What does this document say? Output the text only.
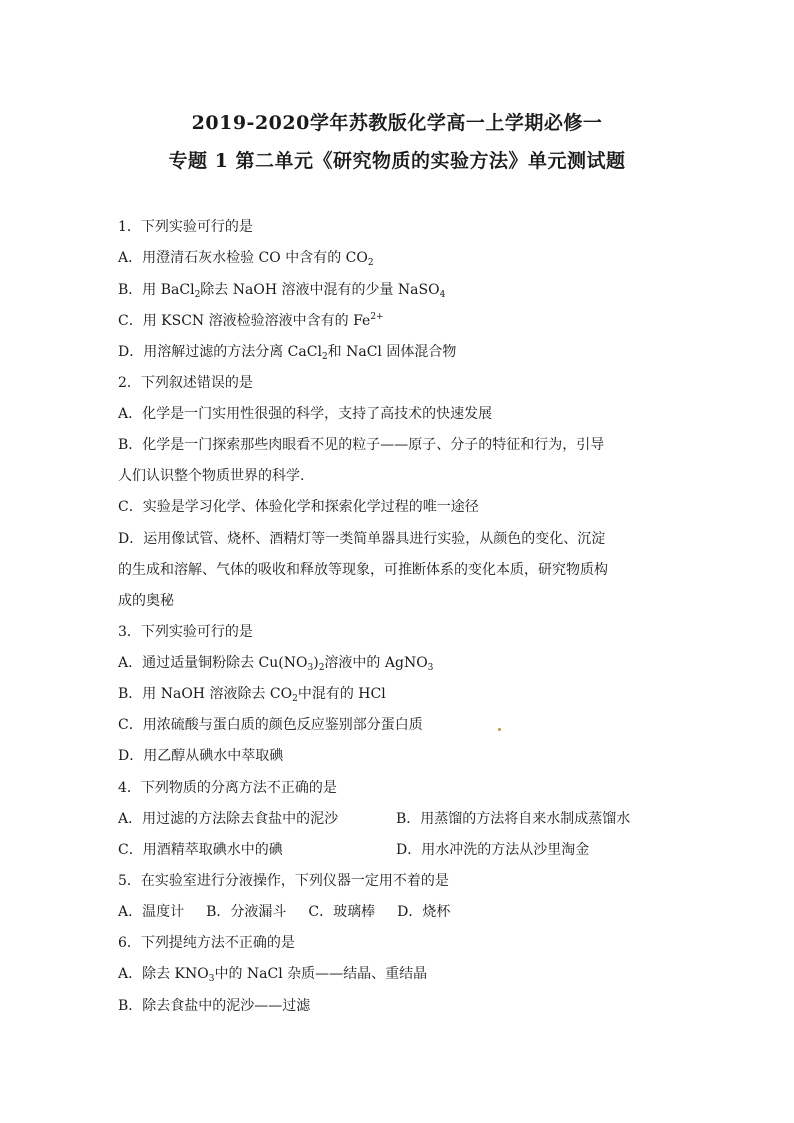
2019-2020学年苏教版化学高一上学期必修一
专题 1 第二单元《研究物质的实验方法》单元测试题
1．下列实验可行的是
A．用澄清石灰水检验 CO 中含有的 $CO_2$
B．用 BaCl$_2$除去 NaOH 溶液中混有的少量 NaSO$_4$
C．用 KSCN 溶液检验溶液中含有的 $Fe^{2+}$
D．用溶解过滤的方法分离 CaCl$_2$和 NaCl 固体混合物
2．下列叙述错误的是
A．化学是一门实用性很强的科学，支持了高技术的快速发展
B．化学是一门探索那些肉眼看不见的粒子——原子、分子的特征和行为，引导
人们认识整个物质世界的科学.
C．实验是学习化学、体验化学和探索化学过程的唯一途径
D．运用像试管、烧杯、酒精灯等一类简单器具进行实验，从颜色的变化、沉淀
的生成和溶解、气体的吸收和释放等现象，可推断体系的变化本质，研究物质构
成的奥秘
3．下列实验可行的是
A．通过适量铜粉除去 $Cu(NO_3)_2$溶液中的 AgNO$_3$
B．用 NaOH 溶液除去 $CO_2$中混有的 HCl
C．用浓硫酸与蛋白质的颜色反应鉴别部分蛋白质
D．用乙醇从碘水中萃取碘
4．下列物质的分离方法不正确的是
A．用过滤的方法除去食盐中的泥沙	B．用蒸馏的方法将自来水制成蒸馏水
C．用酒精萃取碘水中的碘	D．用水冲洗的方法从沙里淘金
5．在实验室进行分液操作，下列仪器一定用不着的是
A．温度计 B．分液漏斗 C．玻璃棒 D．烧杯
6．下列提纯方法不正确的是
A．除去 $KNO_3$中的 NaCl 杂质——结晶、重结晶
B．除去食盐中的泥沙——过滤
